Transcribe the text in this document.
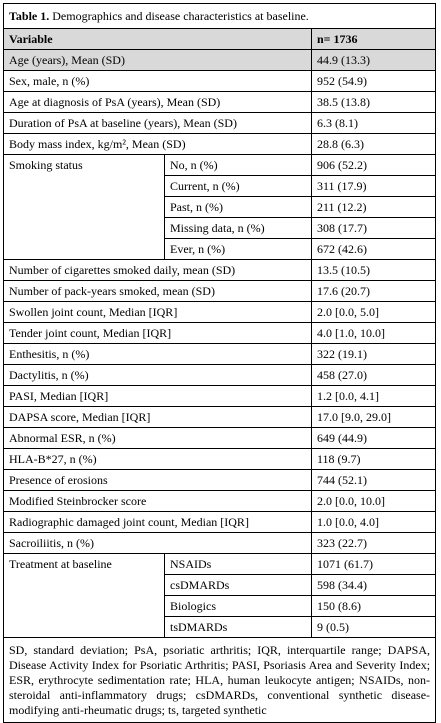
Table 1. Demographics and disease characteristics at baseline.		
Variable		n= 1736
Age (years), Mean (SD)		44.9 (13.3)
Sex, male, n (%)		952 (54.9)
Age at diagnosis of PsA (years), Mean (SD)		38.5 (13.8)
Duration of PsA at baseline (years), Mean (SD)		6.3 (8.1)
Body mass index, kg/m², Mean (SD)		28.8 (6.3)
Smoking status	No, n (%)	906 (52.2)
	Current, n (%)	311 (17.9)
	Past, n (%)	211 (12.2)
	Missing data, n (%)	308 (17.7)
	Ever, n (%)	672 (42.6)
Number of cigarettes smoked daily, mean (SD)		13.5 (10.5)
Number of pack-years smoked, mean (SD)		17.6 (20.7)
Swollen joint count, Median [IQR]		2.0 [0.0, 5.0]
Tender joint count, Median [IQR]		4.0 [1.0, 10.0]
Enthesitis, n (%)		322 (19.1)
Dactylitis, n (%)		458 (27.0)
PASI, Median [IQR]		1.2 [0.0, 4.1]
DAPSA score, Median [IQR]		17.0 [9.0, 29.0]
Abnormal ESR, n (%)		649 (44.9)
HLA-B*27, n (%)		118 (9.7)
Presence of erosions		744 (52.1)
Modified Steinbrocker score		2.0 [0.0, 10.0]
Radiographic damaged joint count, Median [IQR]		1.0 [0.0, 4.0]
Sacroiliitis, n (%)		323 (22.7)
Treatment at baseline	NSAIDs	1071 (61.7)
	csDMARDs	598 (34.4)
	Biologics	150 (8.6)
	tsDMARDs	9 (0.5)
SD, standard deviation; PsA, psoriatic arthritis; IQR, interquartile range; DAPSA, Disease Activity Index for Psoriatic Arthritis; PASI, Psoriasis Area and Severity Index; ESR, erythrocyte sedimentation rate; HLA, human leukocyte antigen; NSAIDs, non-steroidal anti-inflammatory drugs; csDMARDs, conventional synthetic disease-modifying anti-rheumatic drugs; ts, targeted synthetic		
